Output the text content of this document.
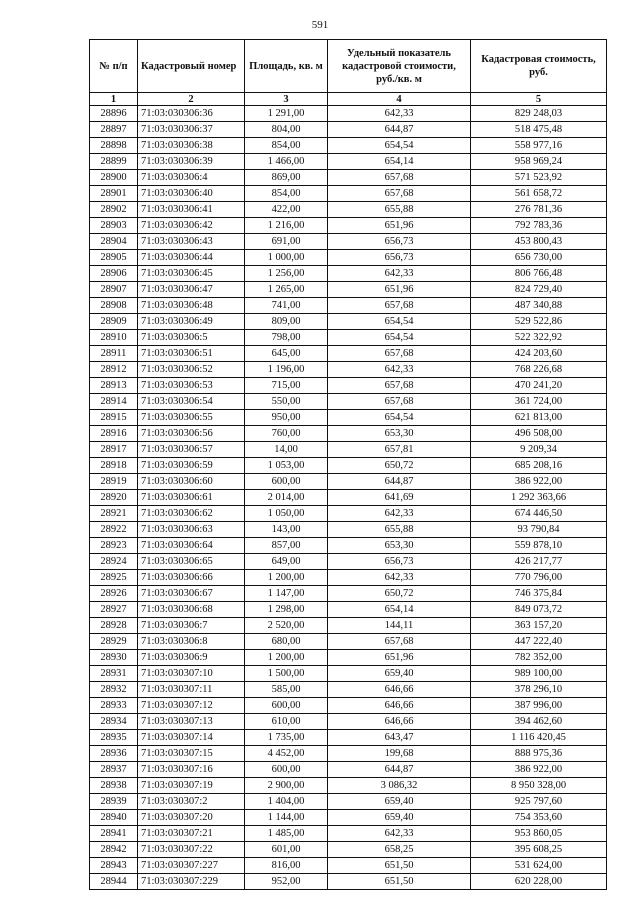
591
№ п/п	Кадастровый номер	Площадь, кв. м	Удельный показатель кадастровой стоимости, руб./кв. м	Кадастровая стоимость, руб.
1	2	3	4	5
28896	71:03:030306:36	1 291,00	642,33	829 248,03
28897	71:03:030306:37	804,00	644,87	518 475,48
28898	71:03:030306:38	854,00	654,54	558 977,16
28899	71:03:030306:39	1 466,00	654,14	958 969,24
28900	71:03:030306:4	869,00	657,68	571 523,92
28901	71:03:030306:40	854,00	657,68	561 658,72
28902	71:03:030306:41	422,00	655,88	276 781,36
28903	71:03:030306:42	1 216,00	651,96	792 783,36
28904	71:03:030306:43	691,00	656,73	453 800,43
28905	71:03:030306:44	1 000,00	656,73	656 730,00
28906	71:03:030306:45	1 256,00	642,33	806 766,48
28907	71:03:030306:47	1 265,00	651,96	824 729,40
28908	71:03:030306:48	741,00	657,68	487 340,88
28909	71:03:030306:49	809,00	654,54	529 522,86
28910	71:03:030306:5	798,00	654,54	522 322,92
28911	71:03:030306:51	645,00	657,68	424 203,60
28912	71:03:030306:52	1 196,00	642,33	768 226,68
28913	71:03:030306:53	715,00	657,68	470 241,20
28914	71:03:030306:54	550,00	657,68	361 724,00
28915	71:03:030306:55	950,00	654,54	621 813,00
28916	71:03:030306:56	760,00	653,30	496 508,00
28917	71:03:030306:57	14,00	657,81	9 209,34
28918	71:03:030306:59	1 053,00	650,72	685 208,16
28919	71:03:030306:60	600,00	644,87	386 922,00
28920	71:03:030306:61	2 014,00	641,69	1 292 363,66
28921	71:03:030306:62	1 050,00	642,33	674 446,50
28922	71:03:030306:63	143,00	655,88	93 790,84
28923	71:03:030306:64	857,00	653,30	559 878,10
28924	71:03:030306:65	649,00	656,73	426 217,77
28925	71:03:030306:66	1 200,00	642,33	770 796,00
28926	71:03:030306:67	1 147,00	650,72	746 375,84
28927	71:03:030306:68	1 298,00	654,14	849 073,72
28928	71:03:030306:7	2 520,00	144,11	363 157,20
28929	71:03:030306:8	680,00	657,68	447 222,40
28930	71:03:030306:9	1 200,00	651,96	782 352,00
28931	71:03:030307:10	1 500,00	659,40	989 100,00
28932	71:03:030307:11	585,00	646,66	378 296,10
28933	71:03:030307:12	600,00	646,66	387 996,00
28934	71:03:030307:13	610,00	646,66	394 462,60
28935	71:03:030307:14	1 735,00	643,47	1 116 420,45
28936	71:03:030307:15	4 452,00	199,68	888 975,36
28937	71:03:030307:16	600,00	644,87	386 922,00
28938	71:03:030307:19	2 900,00	3 086,32	8 950 328,00
28939	71:03:030307:2	1 404,00	659,40	925 797,60
28940	71:03:030307:20	1 144,00	659,40	754 353,60
28941	71:03:030307:21	1 485,00	642,33	953 860,05
28942	71:03:030307:22	601,00	658,25	395 608,25
28943	71:03:030307:227	816,00	651,50	531 624,00
28944	71:03:030307:229	952,00	651,50	620 228,00
